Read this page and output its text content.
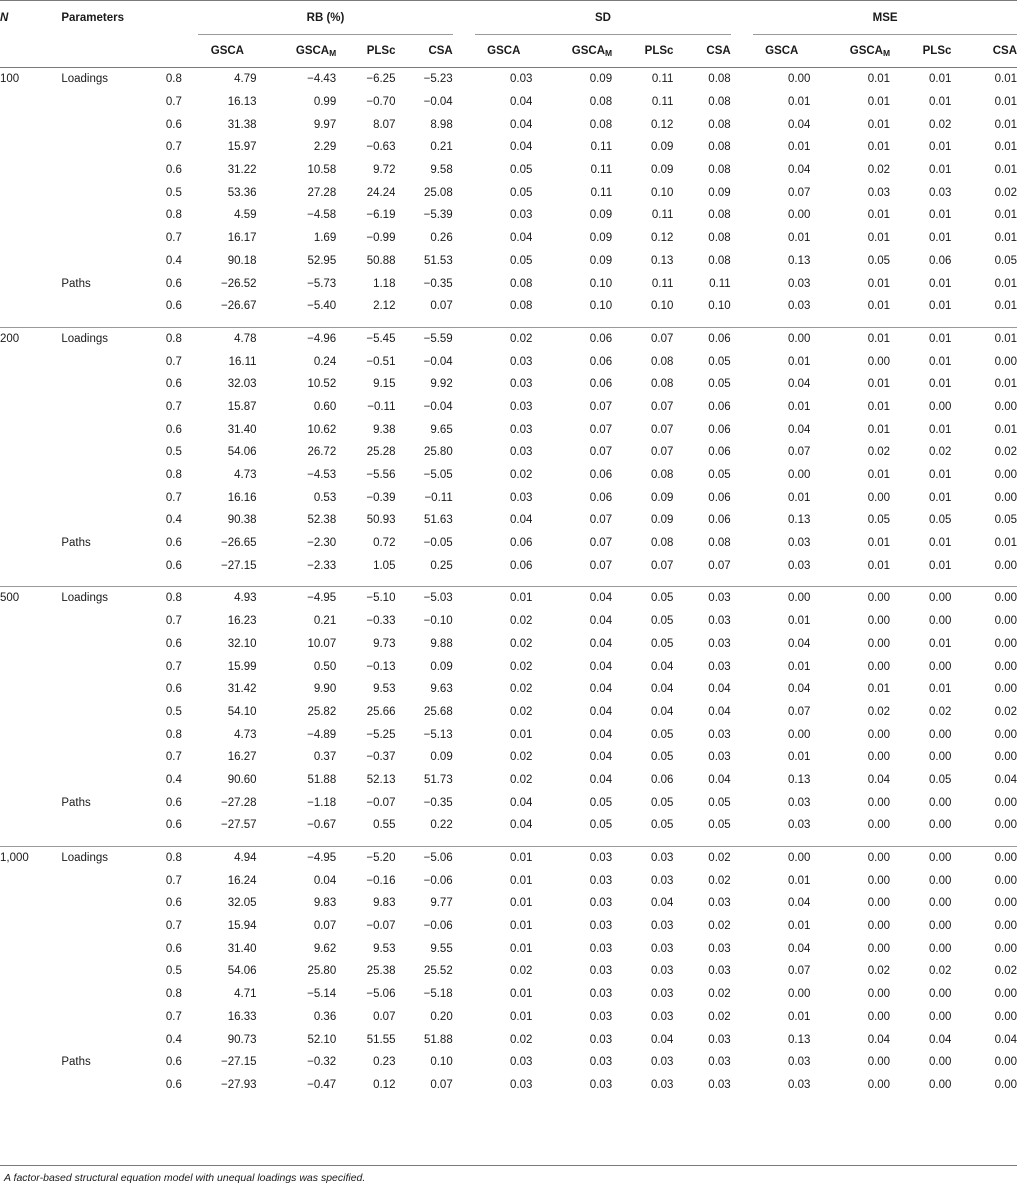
N	Parameters			RB (%)					SD					MSE			
				GSCA	$GSCA_M$	PLSc	CSA		GSCA	$GSCA_M$	PLSc	CSA		GSCA	$GSCA_M$	PLSc	CSA
100	Loadings	0.8		4.79	−4.43	−6.25	−5.23		0.03	0.09	0.11	0.08		0.00	0.01	0.01	0.01
		0.7		16.13	0.99	−0.70	−0.04		0.04	0.08	0.11	0.08		0.01	0.01	0.01	0.01
		0.6		31.38	9.97	8.07	8.98		0.04	0.08	0.12	0.08		0.04	0.01	0.02	0.01
		0.7		15.97	2.29	−0.63	0.21		0.04	0.11	0.09	0.08		0.01	0.01	0.01	0.01
		0.6		31.22	10.58	9.72	9.58		0.05	0.11	0.09	0.08		0.04	0.02	0.01	0.01
		0.5		53.36	27.28	24.24	25.08		0.05	0.11	0.10	0.09		0.07	0.03	0.03	0.02
		0.8		4.59	−4.58	−6.19	−5.39		0.03	0.09	0.11	0.08		0.00	0.01	0.01	0.01
		0.7		16.17	1.69	−0.99	0.26		0.04	0.09	0.12	0.08		0.01	0.01	0.01	0.01
		0.4		90.18	52.95	50.88	51.53		0.05	0.09	0.13	0.08		0.13	0.05	0.06	0.05
	Paths	0.6		−26.52	−5.73	1.18	−0.35		0.08	0.10	0.11	0.11		0.03	0.01	0.01	0.01
		0.6		−26.67	−5.40	2.12	0.07		0.08	0.10	0.10	0.10		0.03	0.01	0.01	0.01

200	Loadings	0.8		4.78	−4.96	−5.45	−5.59		0.02	0.06	0.07	0.06		0.00	0.01	0.01	0.01
		0.7		16.11	0.24	−0.51	−0.04		0.03	0.06	0.08	0.05		0.01	0.00	0.01	0.00
		0.6		32.03	10.52	9.15	9.92		0.03	0.06	0.08	0.05		0.04	0.01	0.01	0.01
		0.7		15.87	0.60	−0.11	−0.04		0.03	0.07	0.07	0.06		0.01	0.01	0.00	0.00
		0.6		31.40	10.62	9.38	9.65		0.03	0.07	0.07	0.06		0.04	0.01	0.01	0.01
		0.5		54.06	26.72	25.28	25.80		0.03	0.07	0.07	0.06		0.07	0.02	0.02	0.02
		0.8		4.73	−4.53	−5.56	−5.05		0.02	0.06	0.08	0.05		0.00	0.01	0.01	0.00
		0.7		16.16	0.53	−0.39	−0.11		0.03	0.06	0.09	0.06		0.01	0.00	0.01	0.00
		0.4		90.38	52.38	50.93	51.63		0.04	0.07	0.09	0.06		0.13	0.05	0.05	0.05
	Paths	0.6		−26.65	−2.30	0.72	−0.05		0.06	0.07	0.08	0.08		0.03	0.01	0.01	0.01
		0.6		−27.15	−2.33	1.05	0.25		0.06	0.07	0.07	0.07		0.03	0.01	0.01	0.00

500	Loadings	0.8		4.93	−4.95	−5.10	−5.03		0.01	0.04	0.05	0.03		0.00	0.00	0.00	0.00
		0.7		16.23	0.21	−0.33	−0.10		0.02	0.04	0.05	0.03		0.01	0.00	0.00	0.00
		0.6		32.10	10.07	9.73	9.88		0.02	0.04	0.05	0.03		0.04	0.00	0.01	0.00
		0.7		15.99	0.50	−0.13	0.09		0.02	0.04	0.04	0.03		0.01	0.00	0.00	0.00
		0.6		31.42	9.90	9.53	9.63		0.02	0.04	0.04	0.04		0.04	0.01	0.01	0.00
		0.5		54.10	25.82	25.66	25.68		0.02	0.04	0.04	0.04		0.07	0.02	0.02	0.02
		0.8		4.73	−4.89	−5.25	−5.13		0.01	0.04	0.05	0.03		0.00	0.00	0.00	0.00
		0.7		16.27	0.37	−0.37	0.09		0.02	0.04	0.05	0.03		0.01	0.00	0.00	0.00
		0.4		90.60	51.88	52.13	51.73		0.02	0.04	0.06	0.04		0.13	0.04	0.05	0.04
	Paths	0.6		−27.28	−1.18	−0.07	−0.35		0.04	0.05	0.05	0.05		0.03	0.00	0.00	0.00
		0.6		−27.57	−0.67	0.55	0.22		0.04	0.05	0.05	0.05		0.03	0.00	0.00	0.00

1,000	Loadings	0.8		4.94	−4.95	−5.20	−5.06		0.01	0.03	0.03	0.02		0.00	0.00	0.00	0.00
		0.7		16.24	0.04	−0.16	−0.06		0.01	0.03	0.03	0.02		0.01	0.00	0.00	0.00
		0.6		32.05	9.83	9.83	9.77		0.01	0.03	0.04	0.03		0.04	0.00	0.00	0.00
		0.7		15.94	0.07	−0.07	−0.06		0.01	0.03	0.03	0.02		0.01	0.00	0.00	0.00
		0.6		31.40	9.62	9.53	9.55		0.01	0.03	0.03	0.03		0.04	0.00	0.00	0.00
		0.5		54.06	25.80	25.38	25.52		0.02	0.03	0.03	0.03		0.07	0.02	0.02	0.02
		0.8		4.71	−5.14	−5.06	−5.18		0.01	0.03	0.03	0.02		0.00	0.00	0.00	0.00
		0.7		16.33	0.36	0.07	0.20		0.01	0.03	0.03	0.02		0.01	0.00	0.00	0.00
		0.4		90.73	52.10	51.55	51.88		0.02	0.03	0.04	0.03		0.13	0.04	0.04	0.04
	Paths	0.6		−27.15	−0.32	0.23	0.10		0.03	0.03	0.03	0.03		0.03	0.00	0.00	0.00
		0.6		−27.93	−0.47	0.12	0.07		0.03	0.03	0.03	0.03		0.03	0.00	0.00	0.00
A factor-based structural equation model with unequal loadings was specified.
